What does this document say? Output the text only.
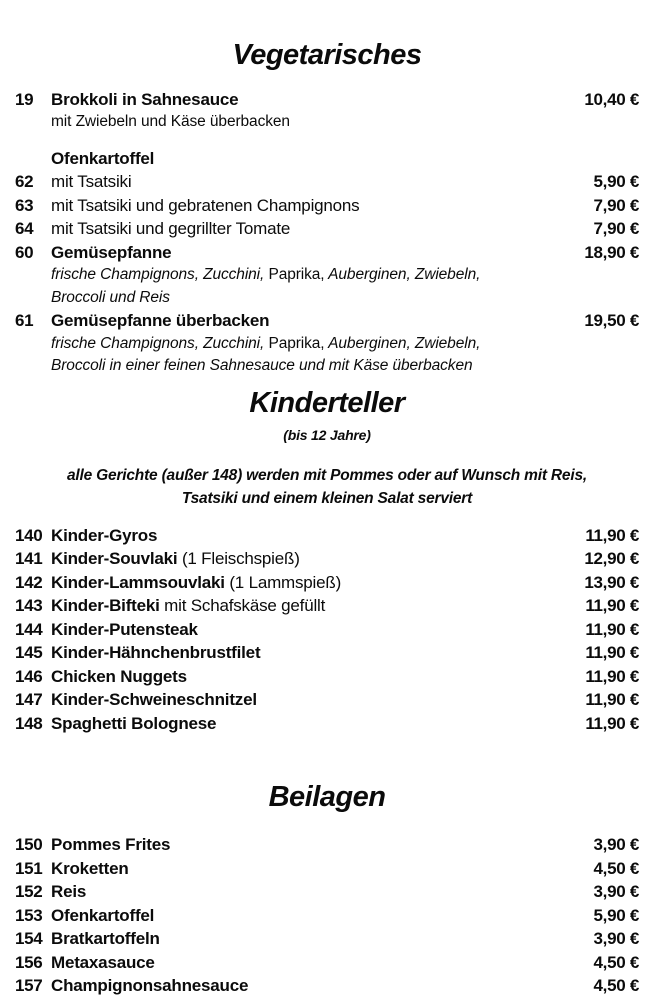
Vegetarisches
19	Brokkoli in Sahnesauce	10,40 €
mit Zwiebeln und Käse überbacken
Ofenkartoffel
62	mit Tsatsiki	5,90 €
63	mit Tsatsiki und gebratenen Champignons	7,90 €
64	mit Tsatsiki und gegrillter Tomate	7,90 €
60	Gemüsepfanne	18,90 €
frische Champignons, Zucchini, Paprika, Auberginen, Zwiebeln,
Broccoli und Reis
61	Gemüsepfanne überbacken	19,50 €
frische Champignons, Zucchini, Paprika, Auberginen, Zwiebeln,
Broccoli in einer feinen Sahnesauce und mit Käse überbacken
Kinderteller
(bis 12 Jahre)
alle Gerichte (außer 148) werden mit Pommes oder auf Wunsch mit Reis,
Tsatsiki und einem kleinen Salat serviert
140 Kinder-Gyros	11,90 €
141 Kinder-Souvlaki (1 Fleischspieß)	12,90 €
142 Kinder-Lammsouvlaki (1 Lammspieß)	13,90 €
143 Kinder-Bifteki mit Schafskäse gefüllt	11,90 €
144 Kinder-Putensteak	11,90 €
145 Kinder-Hähnchenbrustfilet	11,90 €
146 Chicken Nuggets	11,90 €
147 Kinder-Schweineschnitzel	11,90 €
148 Spaghetti Bolognese	11,90 €
Beilagen
150 Pommes Frites	3,90 €
151 Kroketten	4,50 €
152 Reis	3,90 €
153 Ofenkartoffel	5,90 €
154 Bratkartoffeln	3,90 €
156 Metaxasauce	4,50 €
157 Champignonsahnesauce	4,50 €
